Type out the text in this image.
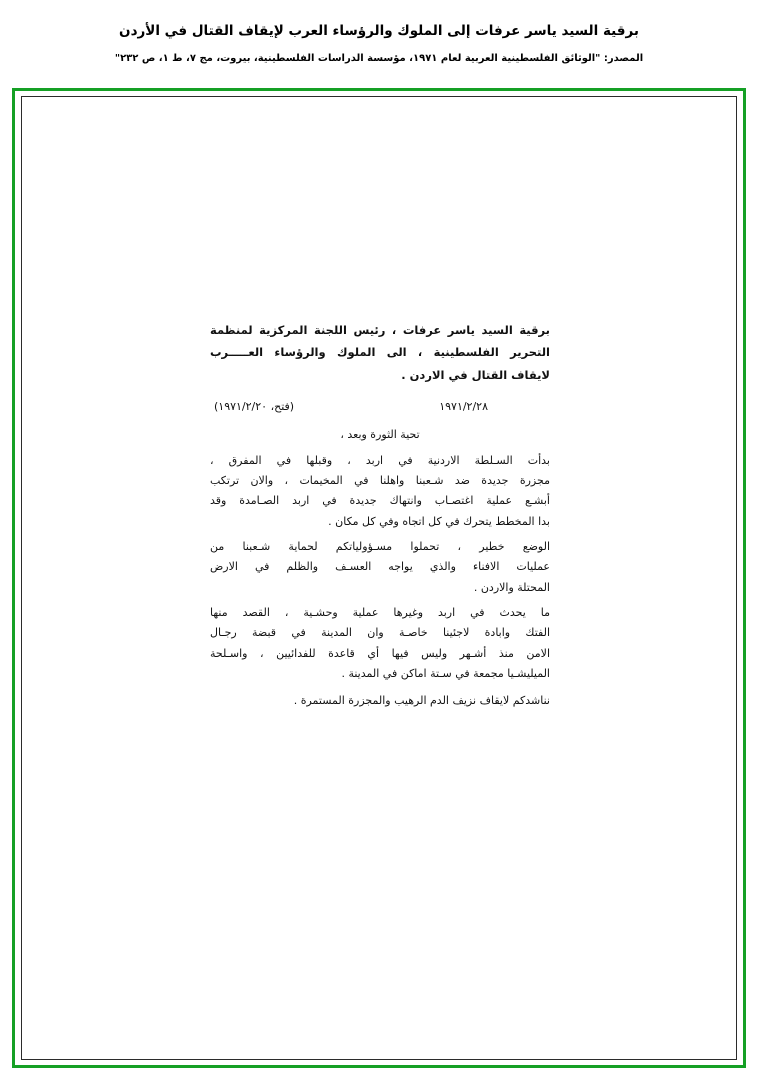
برقية السيد ياسر عرفات إلى الملوك والرؤساء العرب لإيقاف القتال في الأردن
المصدر: "الوثائق الفلسطينية العربية لعام ١٩٧١، مؤسسة الدراسات الفلسطينية، بيروت، مج ٧، ط ١، ص ٢٣٢"
برقية السيد ياسر عرفات ، رئيس اللجنة المركزية لمنظمة التحرير الفلسطينية ، الى الملوك والرؤساء العـــــرب
لايقاف القتال في الاردن .
١٩٧١/٢/٢٨
(فتح، ١٩٧١/٢/٢٠)
تحية الثورة وبعد ،
بدأت السـلطة الاردنية في اربد ، وقبلها في المفرق ،
مجزرة جديدة ضد شـعبنا واهلنا في المخيمات ، والان ترتكب
أبشـع عملية اغتصـاب وانتهاك جديدة في اربد الصـامدة وقد
بدا المخطط يتحرك في كل اتجاه وفي كل مكان .
الوضع خطير ، تحملوا مسـؤولياتكم لحماية شـعبنا من
عمليات الافناء والذي يواجه العسـف والظلم في الارض
المحتلة والاردن .
ما يحدث في اربد وغيرها عملية وحشـية ، القصد منها
الفتك وابادة لاجئينا خاصـة وان المدينة في قبضة رجـال
الامن منذ أشـهر وليس فيها أي قاعدة للفدائيين ، واسـلحة
الميليشـيا مجمعة في سـتة اماكن في المدينة .
نناشدكم لايقاف نزيف الدم الرهيب والمجزرة المستمرة .
